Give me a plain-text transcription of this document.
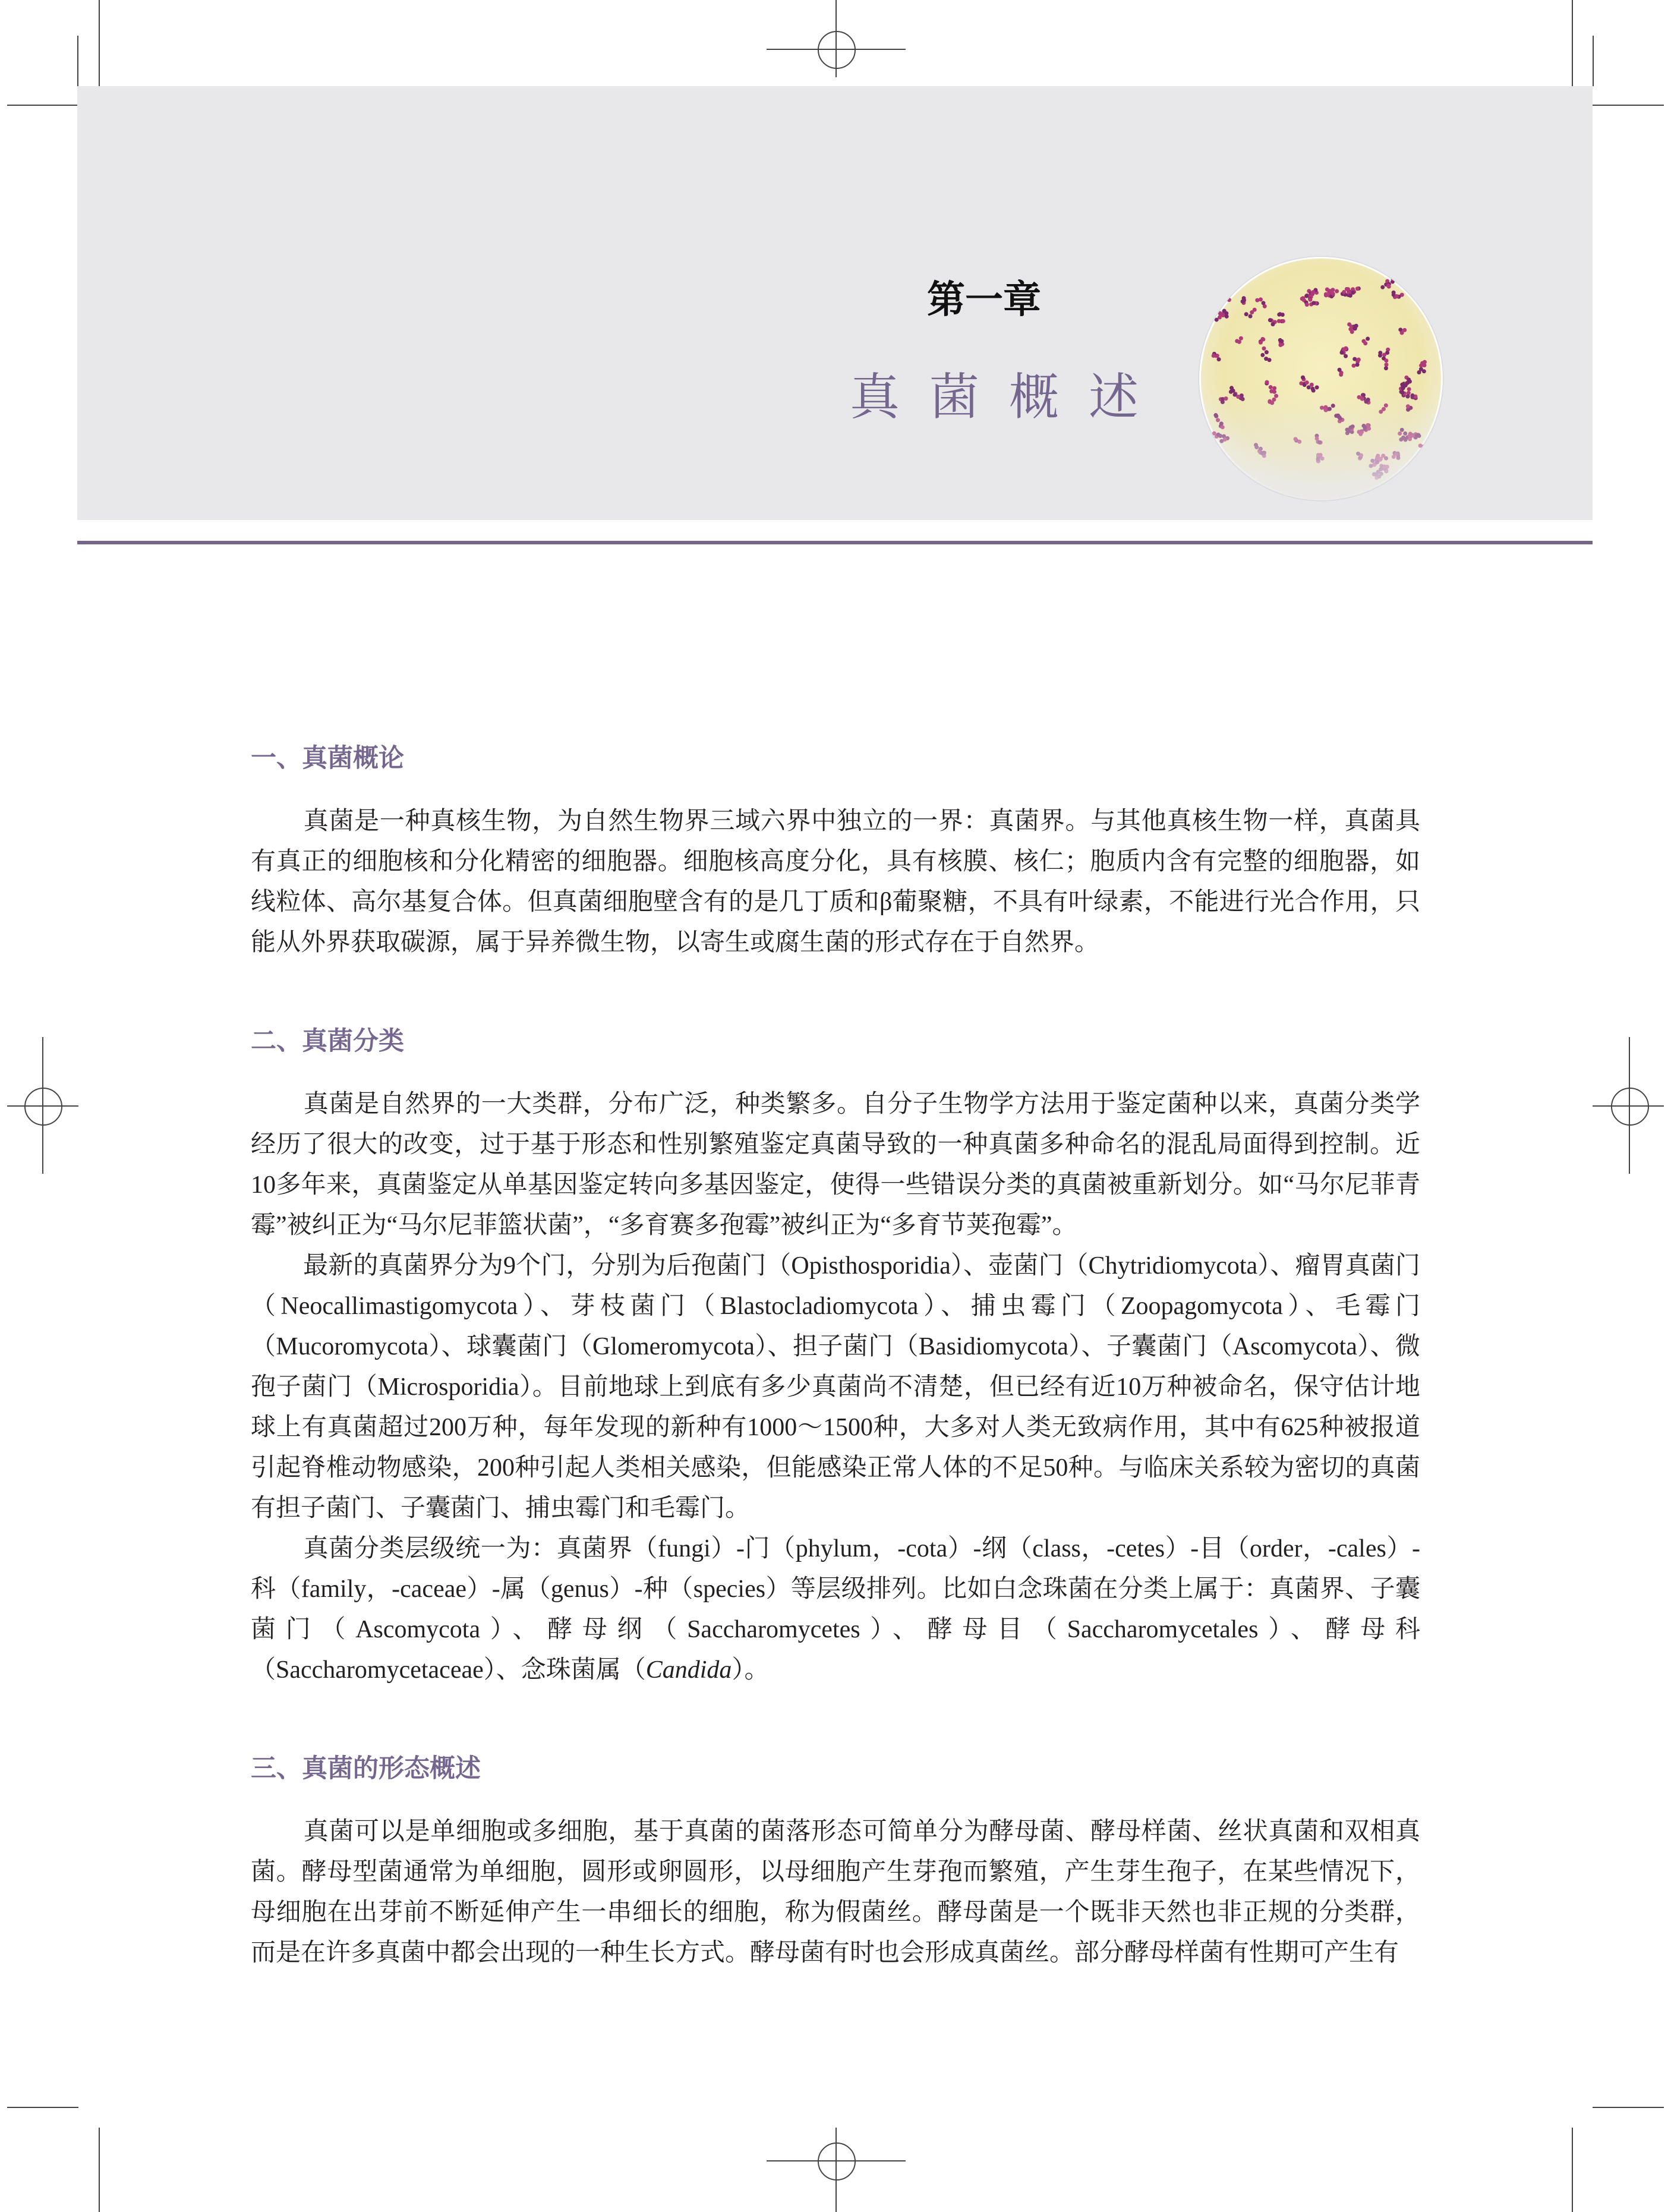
第一章
真菌概述
一、真菌概论

真菌是一种真核生物，为自然生物界三域六界中独立的一界：真菌界。与其他真核生物一样，真菌具有真正的细胞核和分化精密的细胞器。细胞核高度分化，具有核膜、核仁；胞质内含有完整的细胞器，如线粒体、高尔基复合体。但真菌细胞壁含有的是几丁质和β葡聚糖，不具有叶绿素，不能进行光合作用，只能从外界获取碳源，属于异养微生物，以寄生或腐生菌的形式存在于自然界。

二、真菌分类

真菌是自然界的一大类群，分布广泛，种类繁多。自分子生物学方法用于鉴定菌种以来，真菌分类学经历了很大的改变，过于基于形态和性别繁殖鉴定真菌导致的一种真菌多种命名的混乱局面得到控制。近10多年来，真菌鉴定从单基因鉴定转向多基因鉴定，使得一些错误分类的真菌被重新划分。如“马尔尼菲青霉”被纠正为“马尔尼菲篮状菌”，“多育赛多孢霉”被纠正为“多育节荚孢霉”。

最新的真菌界分为9个门，分别为后孢菌门（Opisthosporidia）、壶菌门（Chytridiomycota）、瘤胃真菌门（Neocallimastigomycota）、芽枝菌门（Blastocladiomycota）、捕虫霉门（Zoopagomycota）、毛霉门（Mucoromycota）、球囊菌门（Glomeromycota）、担子菌门（Basidiomycota）、子囊菌门（Ascomycota）、微孢子菌门（Microsporidia）。目前地球上到底有多少真菌尚不清楚，但已经有近10万种被命名，保守估计地球上有真菌超过200万种，每年发现的新种有1000～1500种，大多对人类无致病作用，其中有625种被报道引起脊椎动物感染，200种引起人类相关感染，但能感染正常人体的不足50种。与临床关系较为密切的真菌有担子菌门、子囊菌门、捕虫霉门和毛霉门。

真菌分类层级统一为：真菌界（fungi）-门（phylum，-cota）-纲（class，-cetes）-目（order，-cales）-科（family，-caceae）-属（genus）-种（species）等层级排列。比如白念珠菌在分类上属于：真菌界、子囊菌门（Ascomycota）、酵母纲（Saccharomycetes）、酵母目（Saccharomycetales）、酵母科（Saccharomycetaceae）、念珠菌属（Candida）。

三、真菌的形态概述

真菌可以是单细胞或多细胞，基于真菌的菌落形态可简单分为酵母菌、酵母样菌、丝状真菌和双相真菌。酵母型菌通常为单细胞，圆形或卵圆形，以母细胞产生芽孢而繁殖，产生芽生孢子，在某些情况下，母细胞在出芽前不断延伸产生一串细长的细胞，称为假菌丝。酵母菌是一个既非天然也非正规的分类群，而是在许多真菌中都会出现的一种生长方式。酵母菌有时也会形成真菌丝。部分酵母样菌有性期可产生有
